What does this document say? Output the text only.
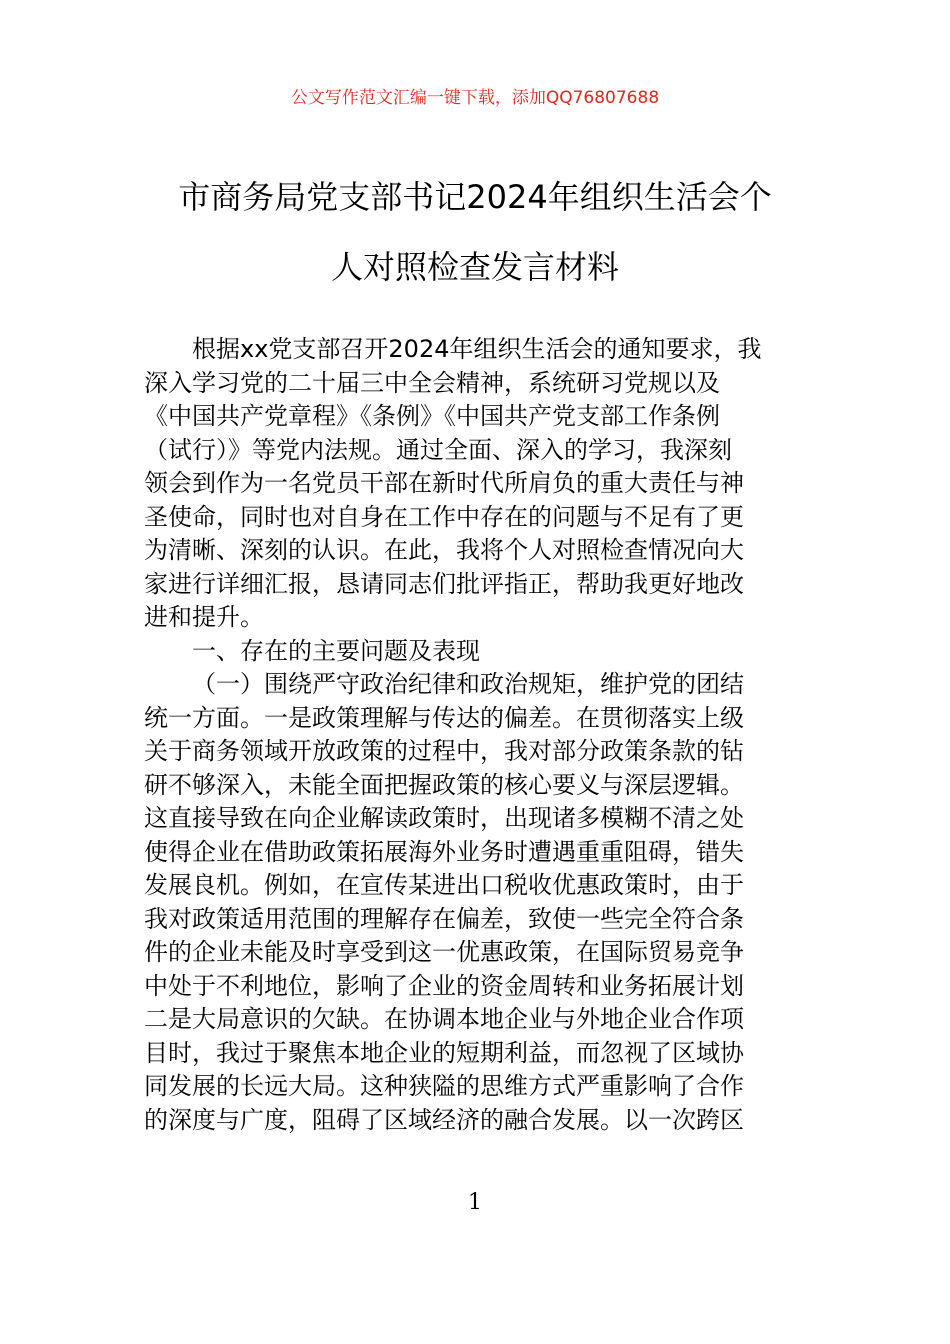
公文写作范文汇编一键下载，添加QQ76807688
市商务局党支部书记2024年组织生活会个
人对照检查发言材料
根据xx党支部召开2024年组织生活会的通知要求，我
深入学习党的二十届三中全会精神，系统研习党规以及
《中国共产党章程》《条例》《中国共产党支部工作条例
（试行）》等党内法规。通过全面、深入的学习，我深刻
领会到作为一名党员干部在新时代所肩负的重大责任与神
圣使命，同时也对自身在工作中存在的问题与不足有了更
为清晰、深刻的认识。在此，我将个人对照检查情况向大
家进行详细汇报，恳请同志们批评指正，帮助我更好地改
进和提升。
一、存在的主要问题及表现
（一）围绕严守政治纪律和政治规矩，维护党的团结
统一方面。一是政策理解与传达的偏差。在贯彻落实上级
关于商务领域开放政策的过程中，我对部分政策条款的钻
研不够深入，未能全面把握政策的核心要义与深层逻辑。
这直接导致在向企业解读政策时，出现诸多模糊不清之处
使得企业在借助政策拓展海外业务时遭遇重重阻碍，错失
发展良机。例如，在宣传某进出口税收优惠政策时，由于
我对政策适用范围的理解存在偏差，致使一些完全符合条
件的企业未能及时享受到这一优惠政策，在国际贸易竞争
中处于不利地位，影响了企业的资金周转和业务拓展计划
二是大局意识的欠缺。在协调本地企业与外地企业合作项
目时，我过于聚焦本地企业的短期利益，而忽视了区域协
同发展的长远大局。这种狭隘的思维方式严重影响了合作
的深度与广度，阻碍了区域经济的融合发展。以一次跨区
1
